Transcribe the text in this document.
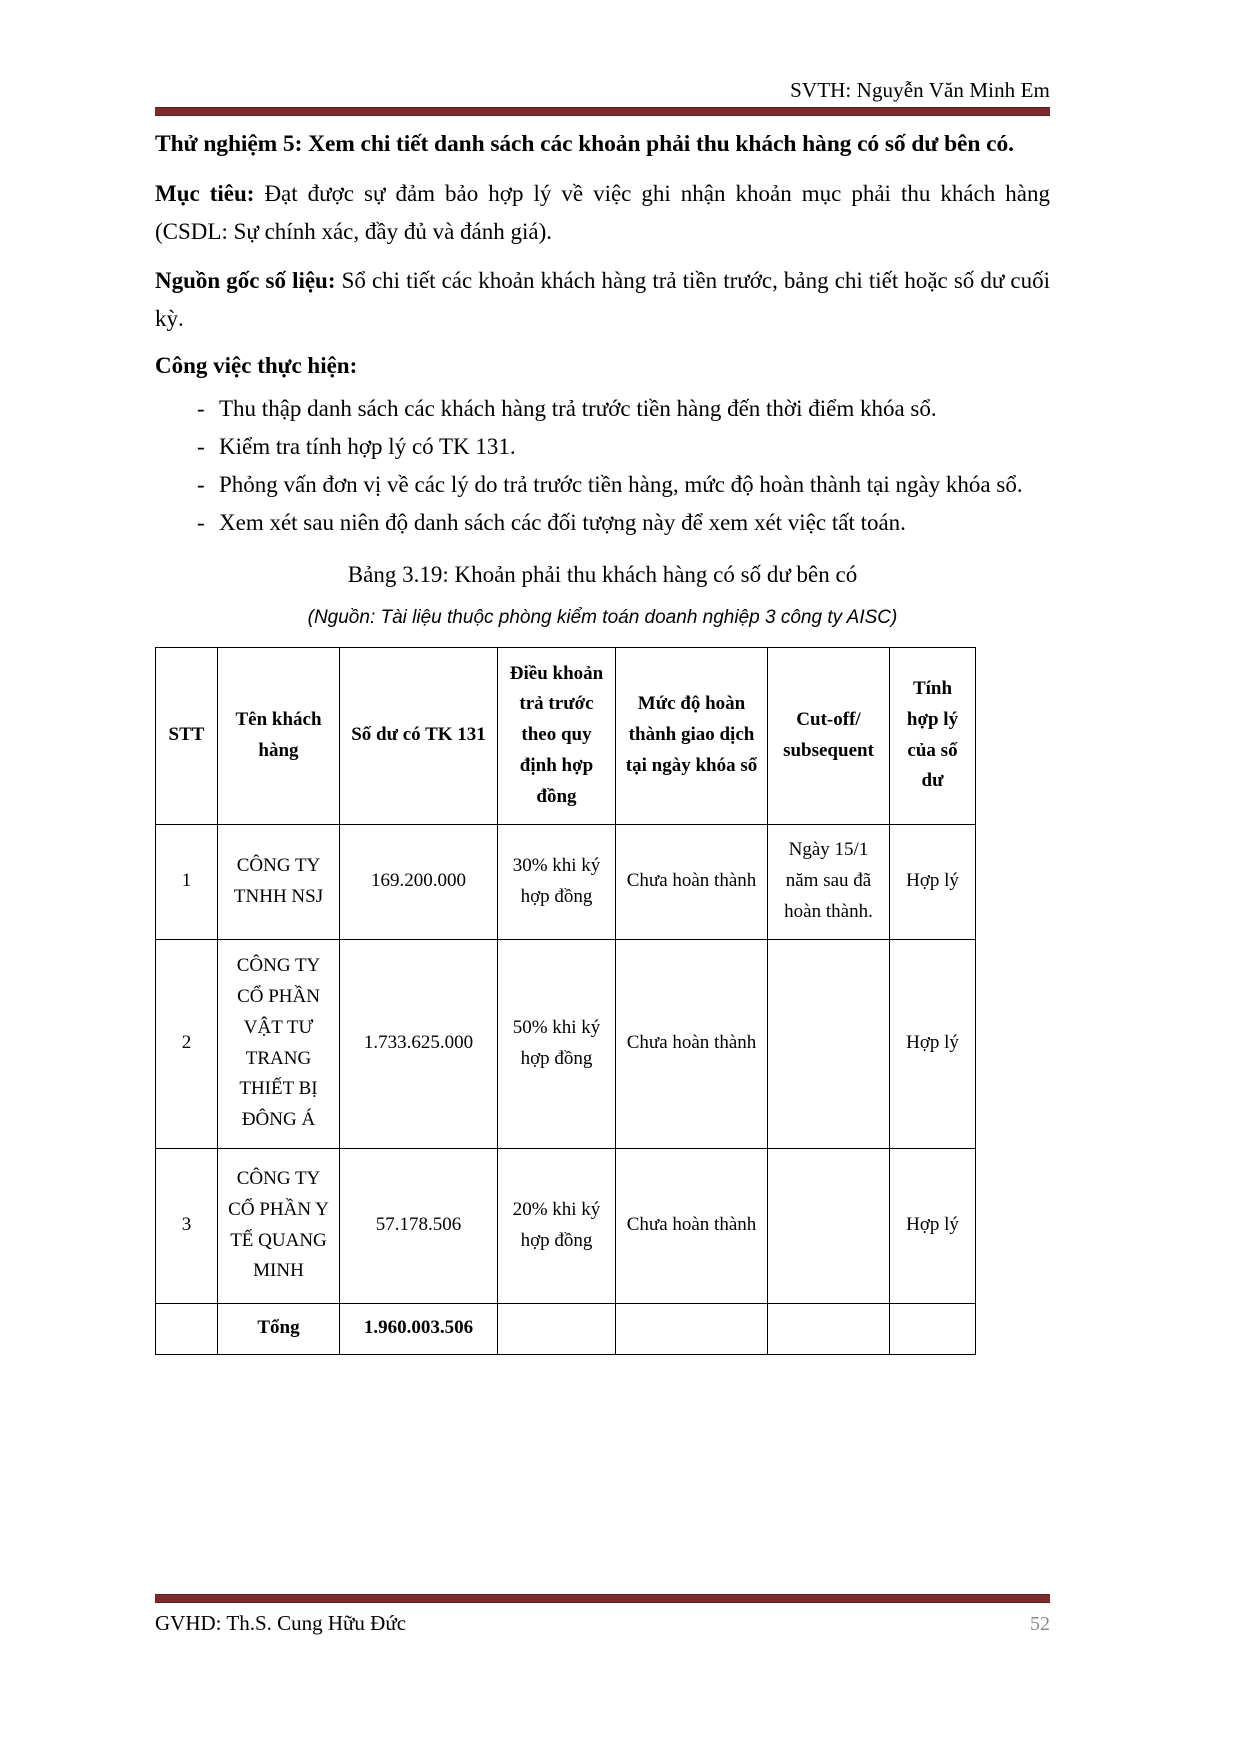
SVTH: Nguyễn Văn Minh Em
Thử nghiệm 5: Xem chi tiết danh sách các khoản phải thu khách hàng có số dư bên có.

Mục tiêu: Đạt được sự đảm bảo hợp lý về việc ghi nhận khoản mục phải thu khách hàng (CSDL: Sự chính xác, đầy đủ và đánh giá).

Nguồn gốc số liệu: Sổ chi tiết các khoản khách hàng trả tiền trước, bảng chi tiết hoặc số dư cuối kỳ.

Công việc thực hiện:
- Thu thập danh sách các khách hàng trả trước tiền hàng đến thời điểm khóa sổ.
- Kiểm tra tính hợp lý có TK 131.
- Phỏng vấn đơn vị về các lý do trả trước tiền hàng, mức độ hoàn thành tại ngày khóa sổ.
- Xem xét sau niên độ danh sách các đối tượng này để xem xét việc tất toán.
Bảng 3.19: Khoản phải thu khách hàng có số dư bên có
(Nguồn: Tài liệu thuộc phòng kiểm toán doanh nghiệp 3 công ty AISC)
STT	Tên khách hàng	Số dư có TK 131	Điều khoản trả trước theo quy định hợp đồng	Mức độ hoàn thành giao dịch tại ngày khóa sổ	Cut-off/ subsequent	Tính hợp lý của số dư
1	CÔNG TY TNHH NSJ	169.200.000	30% khi ký hợp đồng	Chưa hoàn thành	Ngày 15/1 năm sau đã hoàn thành.	Hợp lý
2	CÔNG TY CỔ PHẦN VẬT TƯ TRANG THIẾT BỊ ĐÔNG Á	1.733.625.000	50% khi ký hợp đồng	Chưa hoàn thành		Hợp lý
3	CÔNG TY CỔ PHẦN Y TẾ QUANG MINH	57.178.506	20% khi ký hợp đồng	Chưa hoàn thành		Hợp lý
	Tổng	1.960.003.506				
GVHD: Th.S. Cung Hữu Đức	52
